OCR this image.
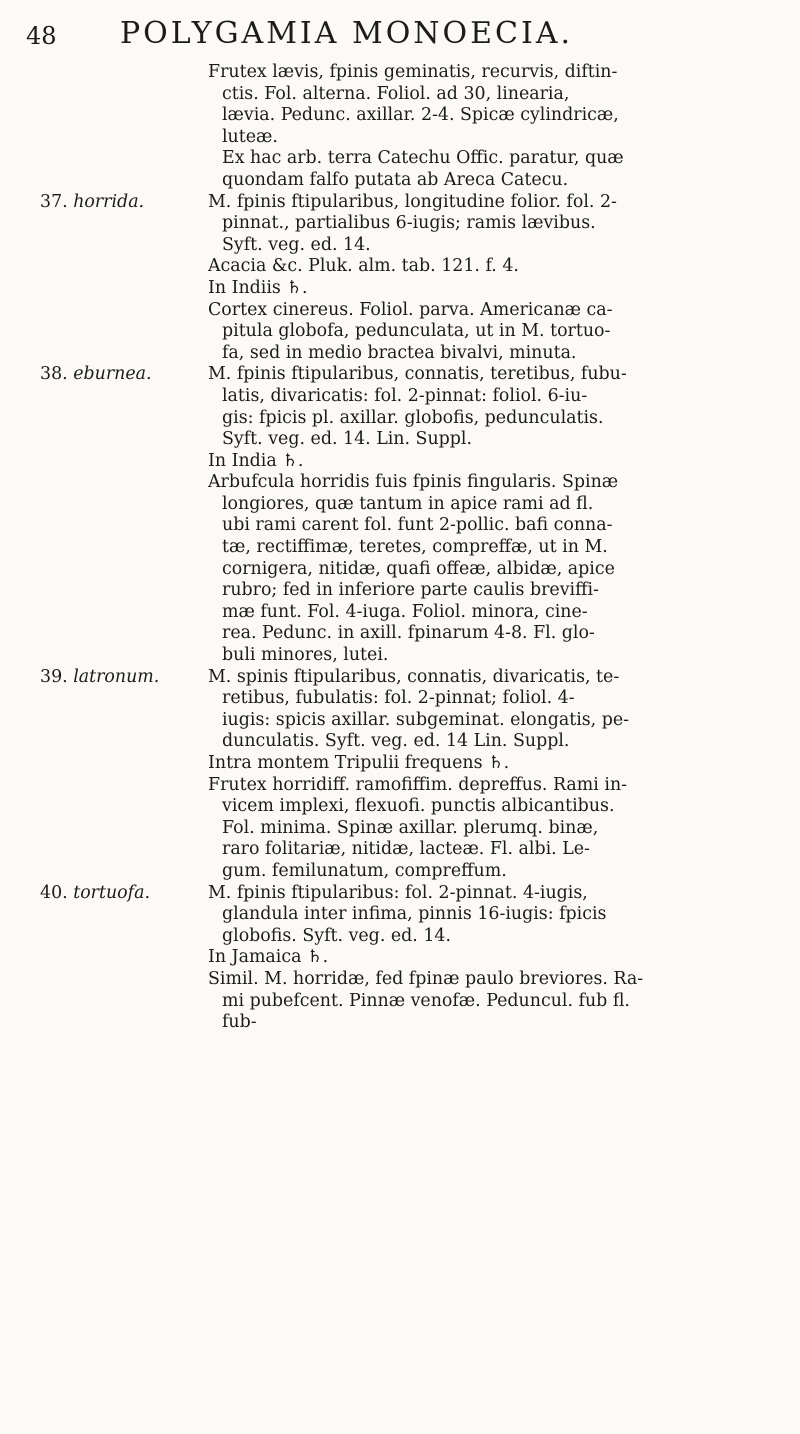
48 POLYGAMIA MONOECIA.
Frutex lævis, fpinis geminatis, recurvis, diftin-
ctis. Fol. alterna. Foliol. ad 30, linearia,
lævia. Pedunc. axillar. 2-4. Spicæ cylindricæ,
luteæ.
Ex hac arb. terra Catechu Offic. paratur, quæ
quondam falfo putata ab Areca Catecu.
37. horrida.	M. fpinis ftipularibus, longitudine folior. fol. 2-
pinnat., partialibus 6-iugis; ramis lævibus.
Syft. veg. ed. 14.
Acacia &c. Pluk. alm. tab. 121. f. 4.
In Indiis ♄.
Cortex cinereus. Foliol. parva. Americanæ ca-
pitula globofa, pedunculata, ut in M. tortuo-
fa, sed in medio bractea bivalvi, minuta.
38. eburnea.	M. fpinis ftipularibus, connatis, teretibus, fubu-
latis, divaricatis: fol. 2-pinnat: foliol. 6-iu-
gis: fpicis pl. axillar. globofis, pedunculatis.
Syft. veg. ed. 14. Lin. Suppl.
In India ♄.
Arbufcula horridis fuis fpinis fingularis. Spinæ
longiores, quæ tantum in apice rami ad fl.
ubi rami carent fol. funt 2-pollic. bafi conna-
tæ, rectiffimæ, teretes, compreffæ, ut in M.
cornigera, nitidæ, quafi offeæ, albidæ, apice
rubro; fed in inferiore parte caulis breviffi-
mæ funt. Fol. 4-iuga. Foliol. minora, cine-
rea. Pedunc. in axill. fpinarum 4-8. Fl. glo-
buli minores, lutei.
39. latronum.	M. spinis ftipularibus, connatis, divaricatis, te-
retibus, fubulatis: fol. 2-pinnat; foliol. 4-
iugis: spicis axillar. subgeminat. elongatis, pe-
dunculatis. Syft. veg. ed. 14 Lin. Suppl.
Intra montem Tripulii frequens ♄.
Frutex horridiff. ramofiffim. depreffus. Rami in-
vicem implexi, flexuofi. punctis albicantibus.
Fol. minima. Spinæ axillar. plerumq. binæ,
raro folitariæ, nitidæ, lacteæ. Fl. albi. Le-
gum. femilunatum, compreffum.
40. tortuofa.	M. fpinis ftipularibus: fol. 2-pinnat. 4-iugis,
glandula inter infima, pinnis 16-iugis: fpicis
globofis. Syft. veg. ed. 14.
In Jamaica ♄.
Simil. M. horridæ, fed fpinæ paulo breviores. Ra-
mi pubefcent. Pinnæ venofæ. Peduncul. fub fl.
fub-
